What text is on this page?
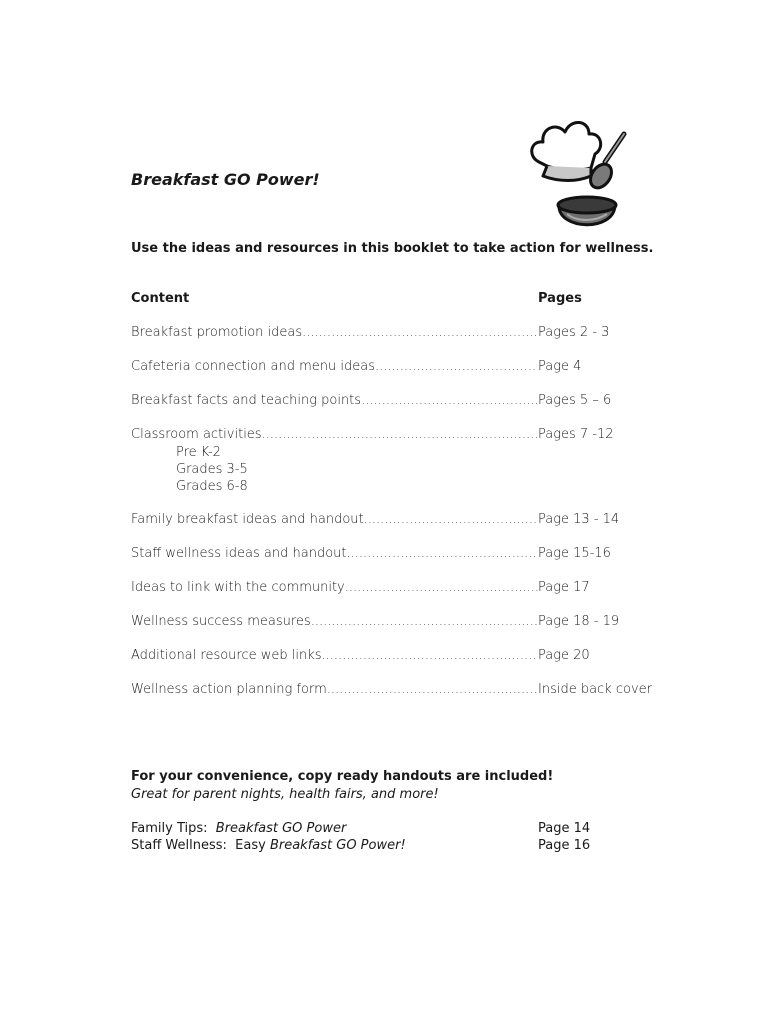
Breakfast GO Power!
Use the ideas and resources in this booklet to take action for wellness.
Content	Pages
Breakfast promotion ideas .....	Pages 2 - 3
Cafeteria connection and menu ideas .....	Page 4
Breakfast facts and teaching points .....	Pages 5 – 6
Classroom activities .....	Pages 7 -12
Pre K-2
Grades 3-5
Grades 6-8
Family breakfast ideas and handout .....	Page 13 - 14
Staff wellness ideas and handout .....	Page 15-16
Ideas to link with the community .....	Page 17
Wellness success measures .....	Page 18 - 19
Additional resource web links .....	Page 20
Wellness action planning form .....	Inside back cover
For your convenience, copy ready handouts are included!
Great for parent nights, health fairs, and more!
Family Tips:  Breakfast GO Power	Page 14
Staff Wellness:  Easy Breakfast GO Power!	Page 16
